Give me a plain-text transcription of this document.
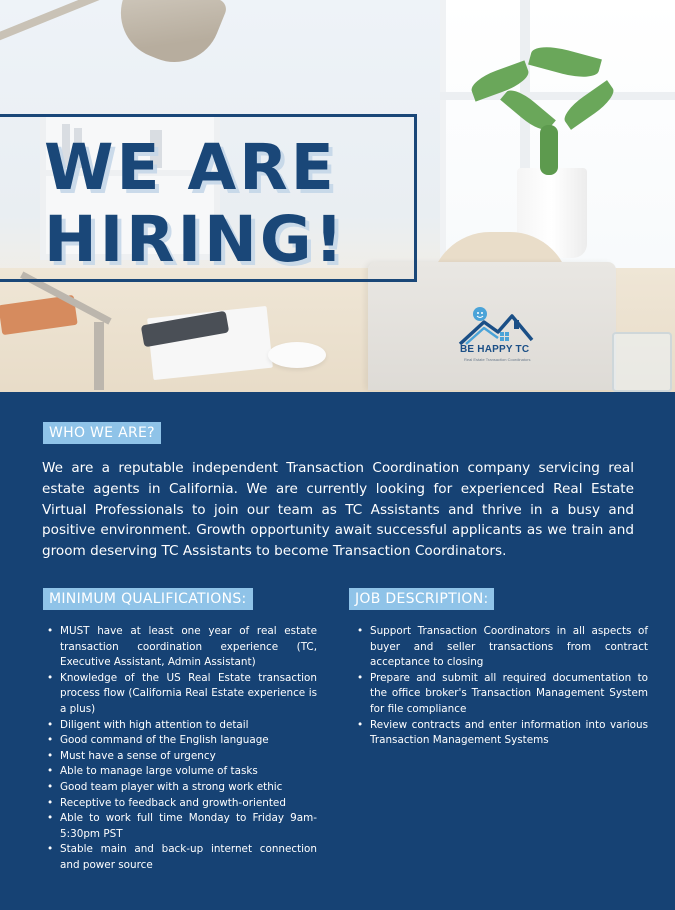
BE HAPPY TC
Real Estate Transaction Coordinators
WE ARE
HIRING!
WHO WE ARE?

We are a reputable independent Transaction Coordination company servicing real estate agents in California. We are currently looking for experienced Real Estate Virtual Professionals to join our team as TC Assistants and thrive in a busy and positive environment. Growth opportunity await successful applicants as we train and groom deserving TC Assistants to become Transaction Coordinators.

MINIMUM QUALIFICATIONS:
• MUST have at least one year of real estate transaction coordination experience (TC, Executive Assistant, Admin Assistant)
• Knowledge of the US Real Estate transaction process flow (California Real Estate experience is a plus)
• Diligent with high attention to detail
• Good command of the English language
• Must have a sense of urgency
• Able to manage large volume of tasks
• Good team player with a strong work ethic
• Receptive to feedback and growth-oriented
• Able to work full time Monday to Friday 9am-5:30pm PST
• Stable main and back-up internet connection and power source
JOB DESCRIPTION:
• Support Transaction Coordinators in all aspects of buyer and seller transactions from contract acceptance to closing
• Prepare and submit all required documentation to the office broker's Transaction Management System for file compliance
• Review contracts and enter information into various Transaction Management Systems
